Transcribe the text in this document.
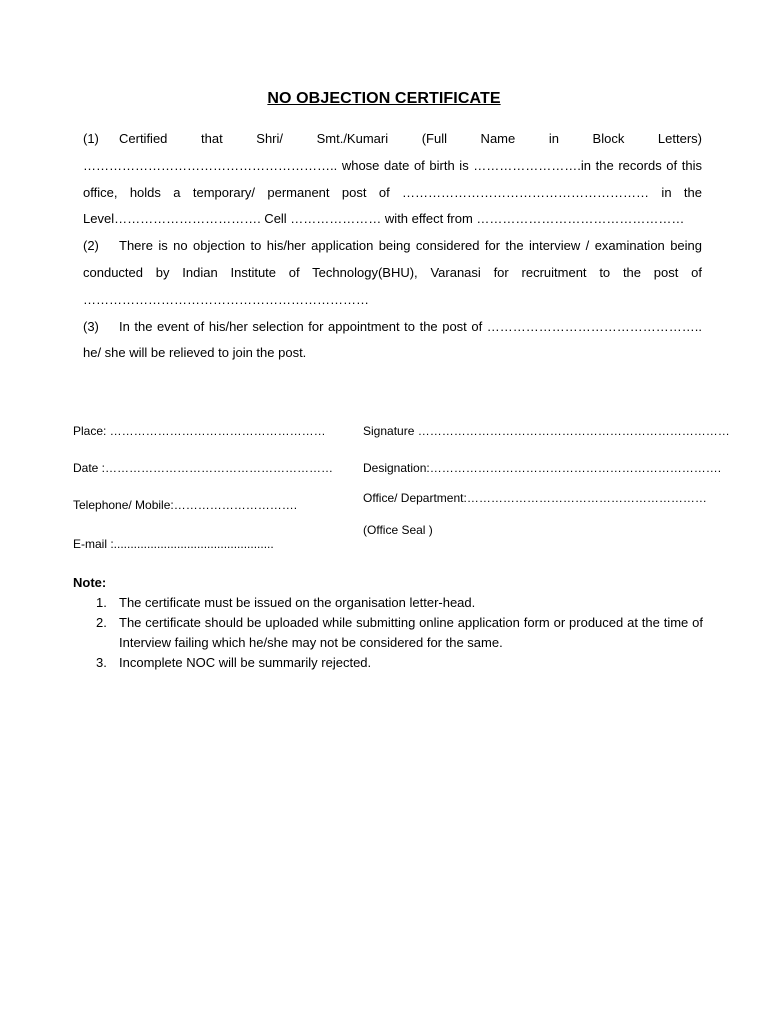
NO OBJECTION CERTIFICATE

(1) Certified that Shri/ Smt./Kumari (Full Name in Block Letters) ………………………………………………….. whose date of birth is …………………….in the records of this office, holds a temporary/ permanent post of ………………………………………………… in the Level……………………………. Cell ………………… with effect from …………………………………………

(2) There is no objection to his/her application being considered for the interview / examination being conducted by Indian Institute of Technology(BHU), Varanasi for recruitment to the post of …………………………………………………………

(3) In the event of his/her selection for appointment to the post of ………………………………………….. he/ she will be relieved to join the post.

Place: ………………………………………………
Date :…………………………………………………
Telephone/ Mobile:………………………….
E-mail :................................................
Signature ……………………………………………………………………
Designation:……………………………………………………………….
Office/ Department:……………………………………………………
(Office Seal )
Note:
1. The certificate must be issued on the organisation letter-head.
2. The certificate should be uploaded while submitting online application form or produced at the time of Interview failing which he/she may not be considered for the same.
3. Incomplete NOC will be summarily rejected.
